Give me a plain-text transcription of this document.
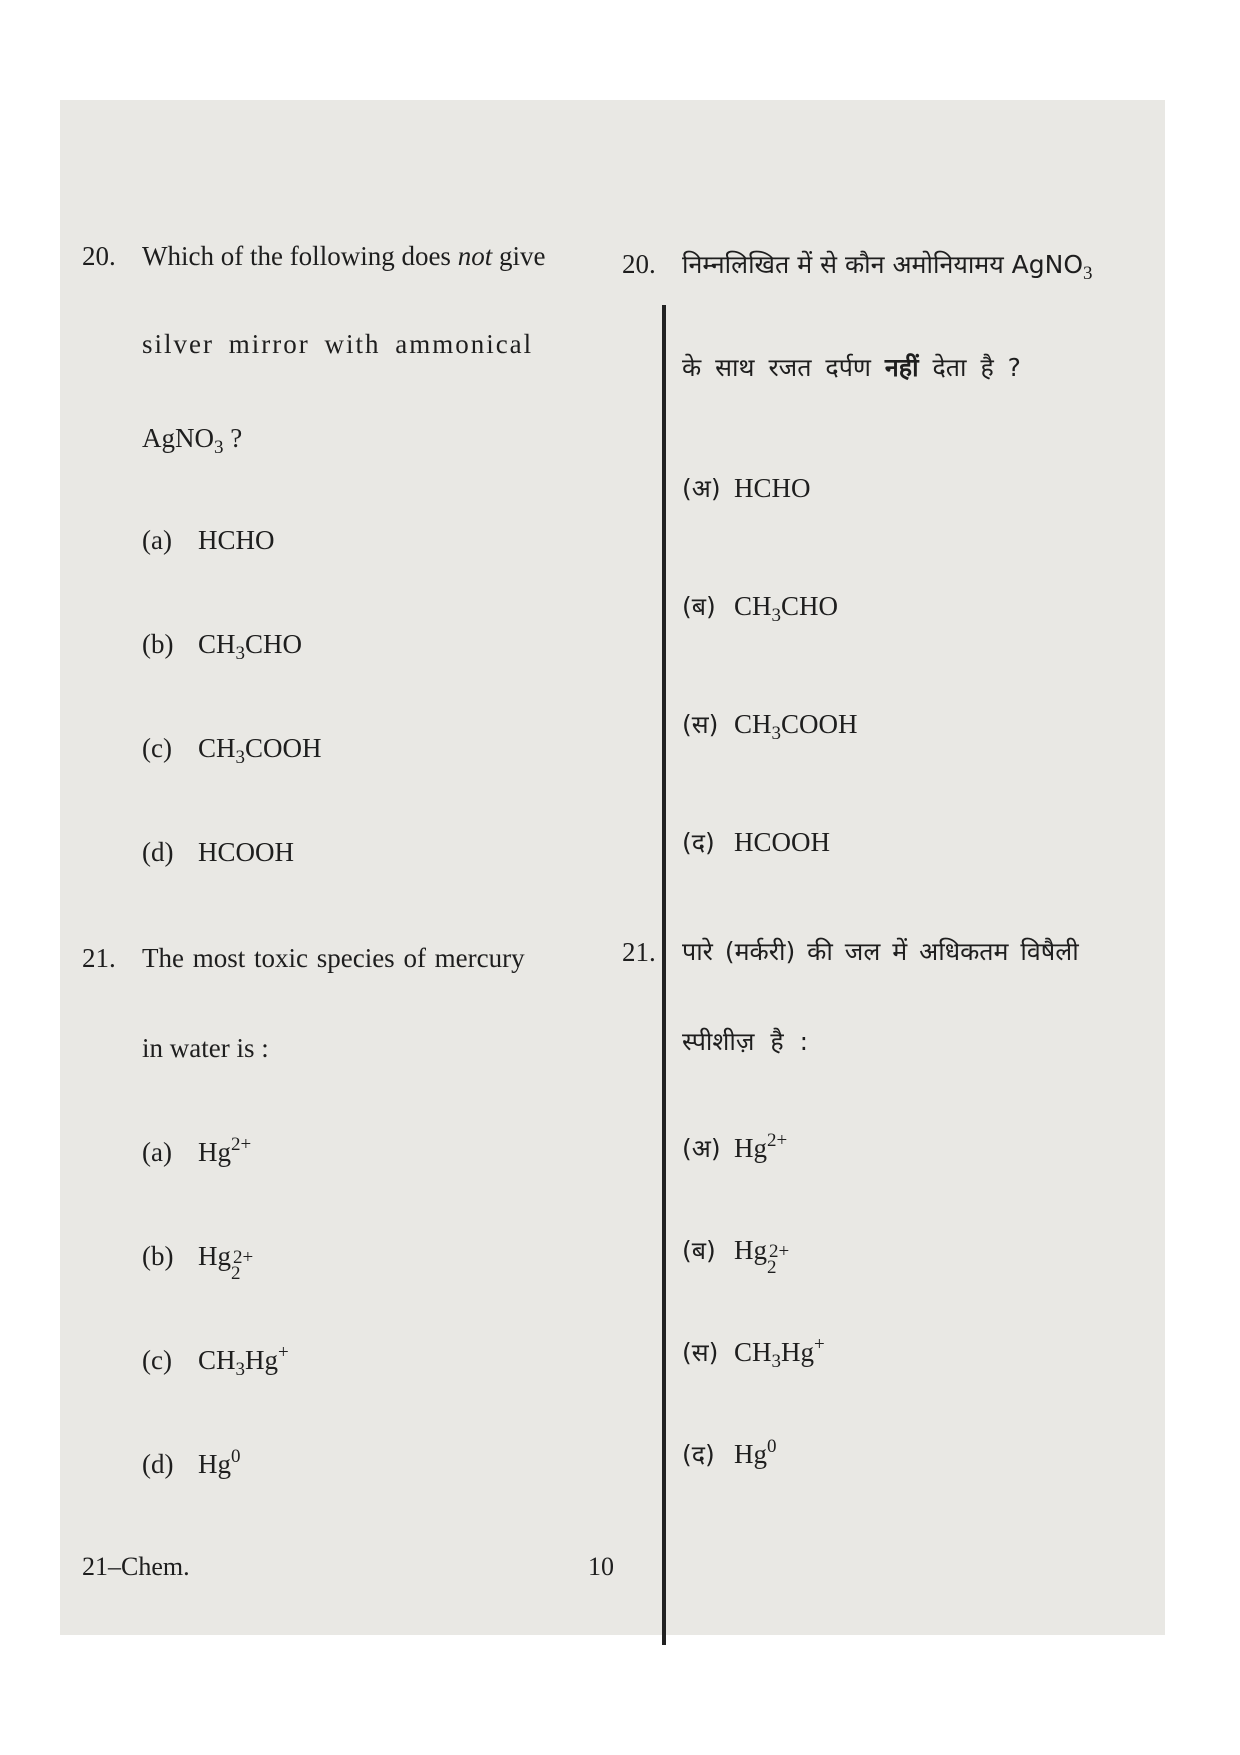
20. Which of the following does not give
silver mirror with ammonical
AgNO$_3$ ?
(a) HCHO
(b) $CH_3CHO$
(c) $CH_3COOH$
(d) HCOOH
21. The most toxic species of mercury
in water is :
(a) $Hg^{2+}$
(b) Hg
2
2+
(c) $CH_3Hg^+$
(d) Hg$^0$
20. निम्नलिखित में से कौन अमोनियामय AgNO$_3$
के साथ रजत दर्पण नहीं देता है ?
(अ) HCHO
(ब) $CH_3CHO$
(स) $CH_3COOH$
(द) HCOOH
21. पारे (मर्करी) की जल में अधिकतम विषैली
स्पीशीज़ है :
(अ) $Hg^{2+}$
(ब) Hg
2
2+
(स) $CH_3Hg^+$
(द) Hg$^0$
21–Chem.	10
